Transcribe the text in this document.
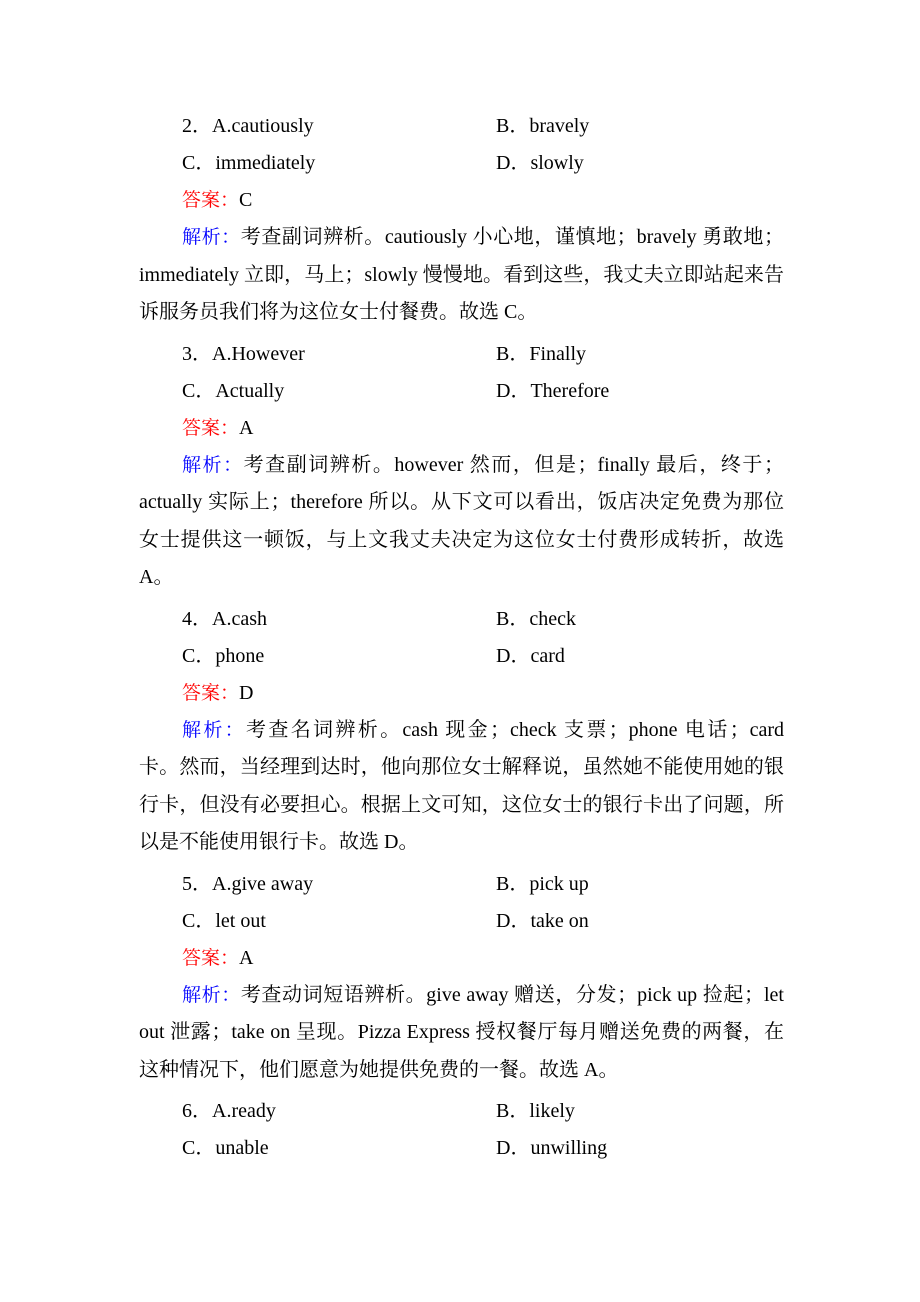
2．A.cautiously	B．bravely
C．immediately	D．slowly
答案：C
解析：考查副词辨析。cautiously 小心地，谨慎地；bravely 勇敢地；immediately 立即，马上；slowly 慢慢地。看到这些，我丈夫立即站起来告诉服务员我们将为这位女士付餐费。故选 C。
3．A.However	B．Finally
C．Actually	D．Therefore
答案：A
解析：考查副词辨析。however 然而，但是；finally 最后，终于；actually 实际上；therefore 所以。从下文可以看出，饭店决定免费为那位女士提供这一顿饭，与上文我丈夫决定为这位女士付费形成转折，故选 A。
4．A.cash	B．check
C．phone	D．card
答案：D
解析：考查名词辨析。cash 现金；check 支票；phone 电话；card 卡。然而，当经理到达时，他向那位女士解释说，虽然她不能使用她的银行卡，但没有必要担心。根据上文可知，这位女士的银行卡出了问题，所以是不能使用银行卡。故选 D。
5．A.give away	B．pick up
C．let out	D．take on
答案：A
解析：考查动词短语辨析。give away 赠送，分发；pick up 捡起；let out 泄露；take on 呈现。Pizza Express 授权餐厅每月赠送免费的两餐，在这种情况下，他们愿意为她提供免费的一餐。故选 A。
6．A.ready	B．likely
C．unable	D．unwilling
